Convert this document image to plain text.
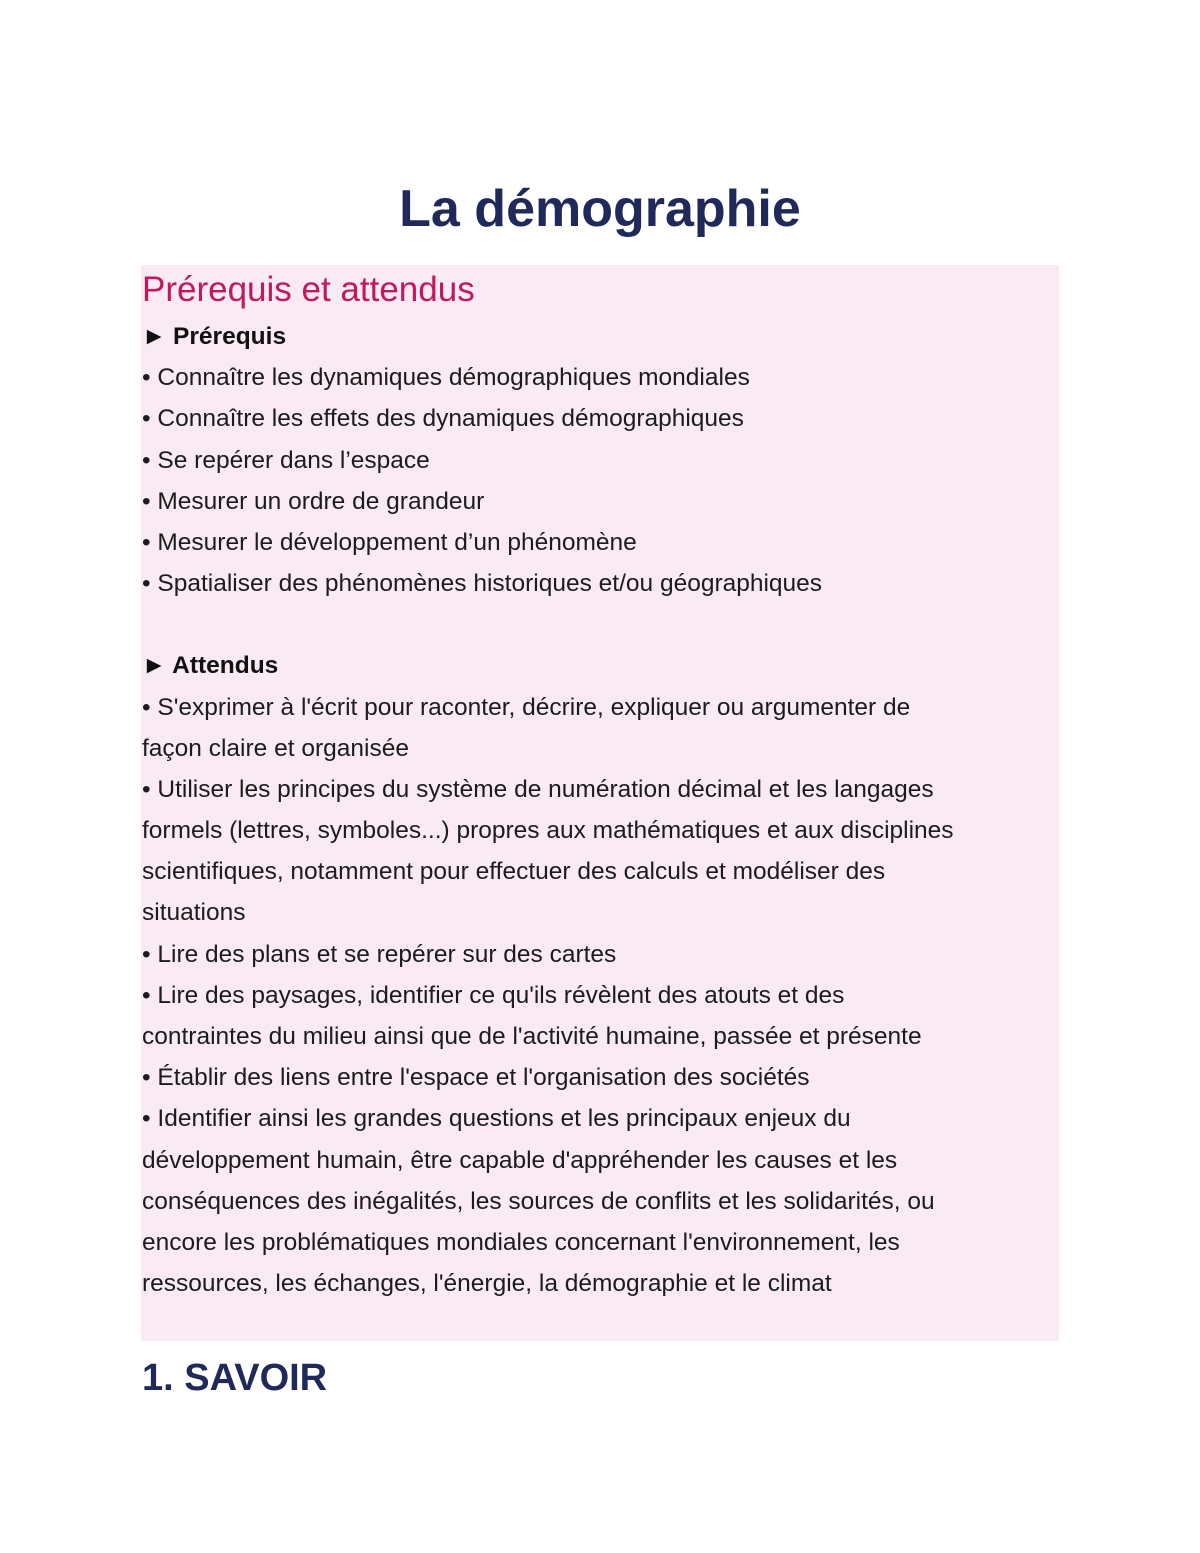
La démographie
Prérequis et attendus

► Prérequis

• Connaître les dynamiques démographiques mondiales

• Connaître les effets des dynamiques démographiques

• Se repérer dans l’espace

• Mesurer un ordre de grandeur

• Mesurer le développement d’un phénomène

• Spatialiser des phénomènes historiques et/ou géographiques

► Attendus

• S'exprimer à l'écrit pour raconter, décrire, expliquer ou argumenter de

façon claire et organisée

• Utiliser les principes du système de numération décimal et les langages

formels (lettres, symboles...) propres aux mathématiques et aux disciplines

scientifiques, notamment pour effectuer des calculs et modéliser des

situations

• Lire des plans et se repérer sur des cartes

• Lire des paysages, identifier ce qu'ils révèlent des atouts et des

contraintes du milieu ainsi que de l'activité humaine, passée et présente

• Établir des liens entre l'espace et l'organisation des sociétés

• Identifier ainsi les grandes questions et les principaux enjeux du

développement humain, être capable d'appréhender les causes et les

conséquences des inégalités, les sources de conflits et les solidarités, ou

encore les problématiques mondiales concernant l'environnement, les

ressources, les échanges, l'énergie, la démographie et le climat

1. SAVOIR
